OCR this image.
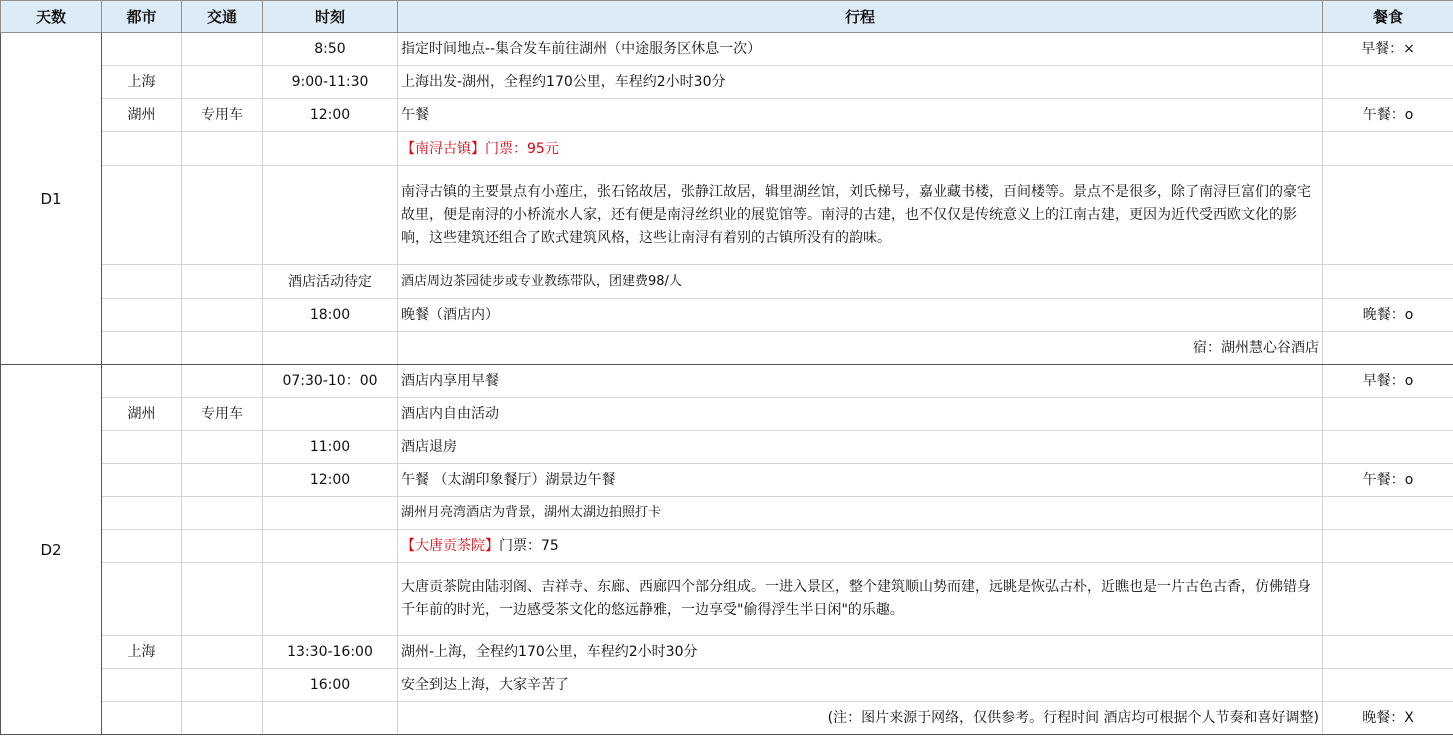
天数	都市	交通	时刻	行程	餐食
D1			8:50	指定时间地点--集合发车前往湖州（中途服务区休息一次）	早餐：×
	上海		9:00-11:30	上海出发-湖州，全程约170公里，车程约2小时30分	
	湖州	专用车	12:00	午餐	午餐：o
				【南浔古镇】门票：95元	
				南浔古镇的主要景点有小莲庄，张石铭故居，张静江故居，辑里湖丝馆，刘氏梯号，嘉业藏书楼，百间楼等。景点不是很多，除了南浔巨富们的豪宅故里，便是南浔的小桥流水人家，还有便是南浔丝织业的展览馆等。南浔的古建，也不仅仅是传统意义上的江南古建，更因为近代受西欧文化的影响，这些建筑还组合了欧式建筑风格，这些让南浔有着别的古镇所没有的韵味。	
			酒店活动待定	酒店周边茶园徒步或专业教练带队，团建费98/人	
			18:00	晚餐（酒店内）	晚餐：o
				宿：湖州慧心谷酒店	
D2			07:30-10：00	酒店内享用早餐	早餐：o
	湖州	专用车		酒店内自由活动	
			11:00	酒店退房	
			12:00	午餐 （太湖印象餐厅）湖景边午餐	午餐：o
				湖州月亮湾酒店为背景，湖州太湖边拍照打卡	
				【大唐贡茶院】门票：75	
				大唐贡茶院由陆羽阁、吉祥寺、东廊、西廊四个部分组成。一进入景区，整个建筑顺山势而建，远眺是恢弘古朴，近瞧也是一片古色古香，仿佛错身千年前的时光，一边感受茶文化的悠远静雅，一边享受"偷得浮生半日闲"的乐趣。	
	上海		13:30-16:00	湖州-上海，全程约170公里，车程约2小时30分	
			16:00	安全到达上海，大家辛苦了	
				(注：图片来源于网络，仅供参考。行程时间 酒店均可根据个人节奏和喜好调整)	晚餐：X
